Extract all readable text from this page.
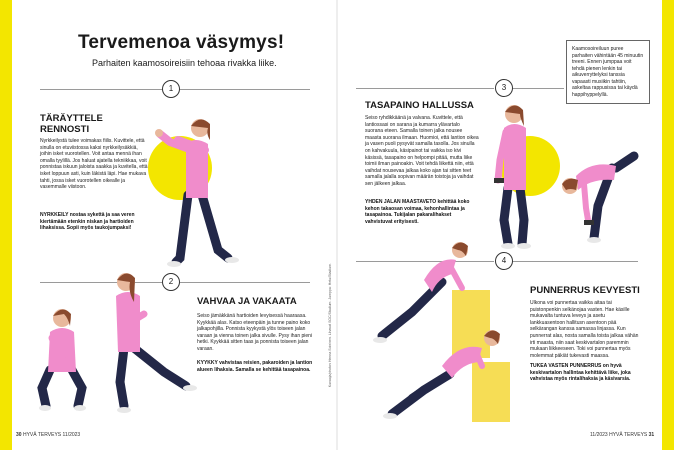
Tervemenoa väsymys!
Parhaiten kaamosoireisiin tehoaa rivakka liike.
Kaamosoireiluun puree parhaiten vähintään 45 minuutin treeni. Ennen jumppaa voit tehdä pienen lenkin tai aikuverryttelyksi tanssia vapaasti musiikin tahtiin, askeltaa rappusissa tai käydä happihyppelyllä.
1
2
3
4
TÄRÄYTTELE RENNOSTI
Nyrkkeilystä tulee voimakas fiilis. Kuvittele, että sinulla on etuviistossa kaksi nyrkkeilysäkkiä, joihin isket vuorotellen. Voit antaa mennä ihan omalla tyylillä. Jos haluat ajatella tekniikkaa, voit ponnistaa iskuun jaloista saakka ja kuvitella, että isket loppuun asti, kuin läkistä läpi. Hae mukava tahti, jossa isket vuorotellen oikealle ja vasemmalle viistoon.
NYRKKEILY nostaa sykettä ja saa veren kiertämään etenkin niskan ja hartioiden lihaksissa. Sopii myös taukojumpaksi!
VAHVAA JA VAKAATA
Seiso jämäkkänä hartioiden levyisessä haaraasa. Kyykkää alas. Katso eteenpäin ja tunne paino koko jalkapohjilla. Ponnista kyykystä ylös toiseen jalan varaan ja vienna toinen jalka sivulle. Pysy ihan pieni hetki. Kyykkää sitten taas ja ponnista toiseen jalan varaan.
KYYKKY vahvistaa reisien, pakaroiden ja lantion alueen lihaksia. Samalla se kehittää tasapainoa.
TASAPAINO HALLUSSA
Seiso ryhdikkäänä ja valvana. Kuvittele, että lantiossasi on sarana ja kumarra ylävartalo suorana eteen. Samalla toinen jalka nousee maasta suorana ilmaan. Huomioi, että lantion oikea ja vasen puoli pysyvät samalla tasolla. Jos sinulla on kahvakuula, käsipainot tai vaikka iso kivi käsissä, tasapaino on helpompi pitää, mutta liike toimii ilman painoakin. Voit tehdä liikettä niin, että vaihdat nousevaa jalkaa koko ajan tai sitten teet samalla jalalla sopivan määrän toistoja ja vaihdat sen jälkeen jalkaa.
YHDEN JALAN MAASTAVETO kehittää koko kehon takaosan voimaa, kehonhallintaa ja tasapainoa. Tukijalan pakaralihakset vahvistuvat erityisesti.
PUNNERRUS KEVYESTI
Ulkona voi punnertaa vaikka aitaa tai puistonpenkin selkänojaa vasten. Hae käsille mukavalta tuntuva leveys ja asetu lankkuasentoon hallitusn asentoon pää selkärangan kanssa samassa linjassa. Kun punnerrat alas, nosta samalla toista jalkaa vähän irti maasta, niin saat keskivartalon paremmin mukaan liikkeeseen. Toki voi punnertaa myös molemmat päkiät tukevasti maassa.
TUKEA VASTEN PUNNERRUS on hyvä keskivartalon hallintaa kehittävä liike, joka vahvistaa myös rintalihaksia ja käsivarsia.
Kuvaaja/photos Henna Soininen. Lihavat SOC/Stadium. Jumppa: Hetu/Stadium.
30 HYVÄ TERVEYS 11/2023	11/2023 HYVÄ TERVEYS 31
